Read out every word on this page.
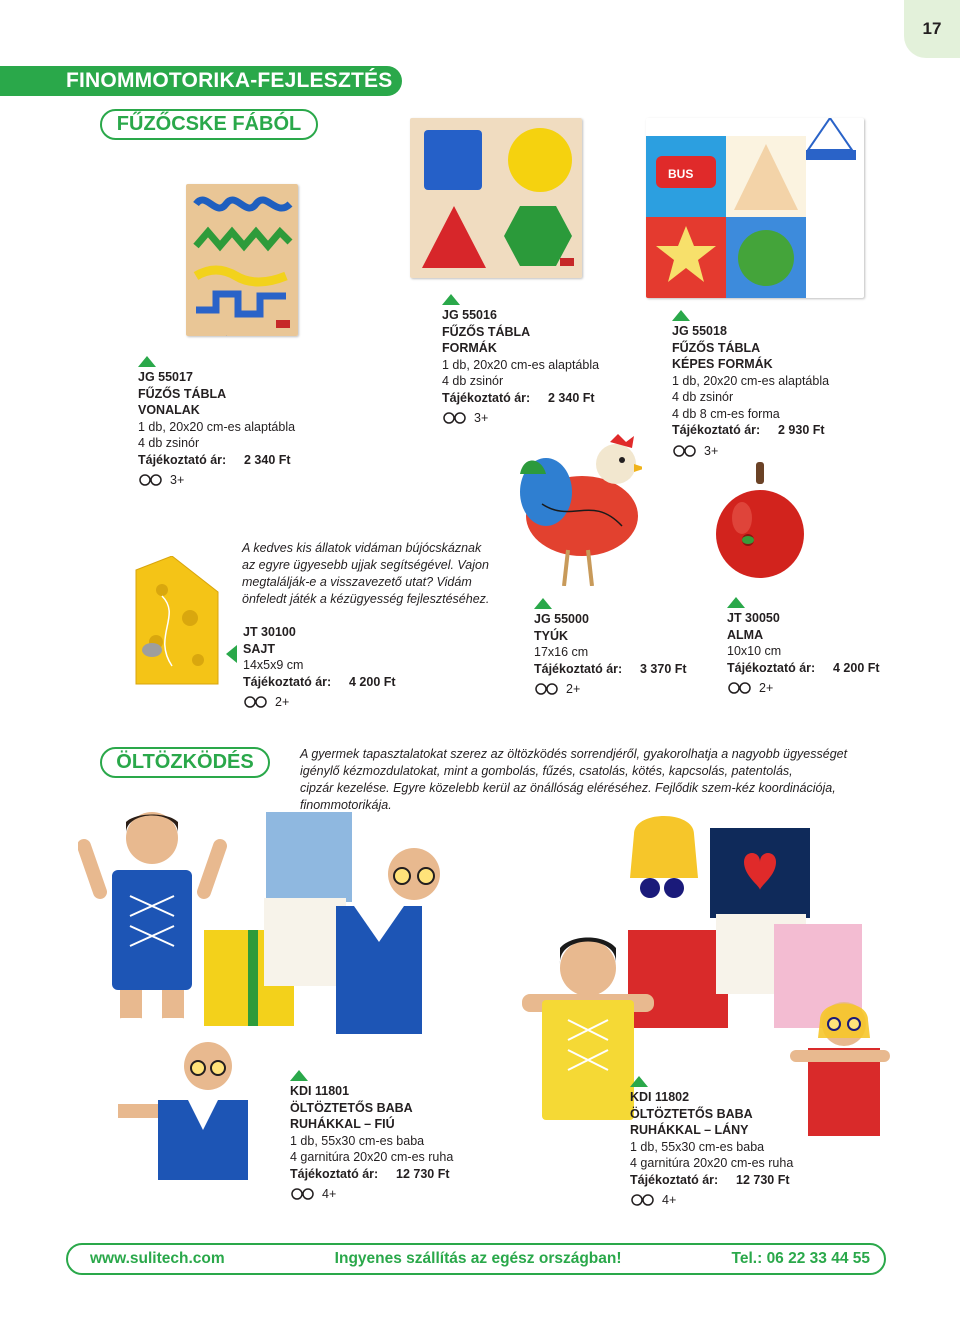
17
FINOMMOTORIKA-FEJLESZTÉS
FŰZŐCSKE FÁBÓL
BUS
JG 55017
FŰZŐS TÁBLA
VONALAK
1 db, 20x20 cm-es alaptábla
4 db zsinór
Tájékoztató ár:	2 340 Ft
3+
JG 55016
FŰZŐS TÁBLA
FORMÁK
1 db, 20x20 cm-es alaptábla
4 db zsinór
Tájékoztató ár:	2 340 Ft
3+
JG 55018
FŰZŐS TÁBLA
KÉPES FORMÁK
1 db, 20x20 cm-es alaptábla
4 db zsinór
4 db 8 cm-es forma
Tájékoztató ár:	2 930 Ft
3+
A kedves kis állatok vidáman bújócskáznak
az egyre ügyesebb ujjak segítségével. Vajon
megtalálják-e a visszavezető utat? Vidám
önfeledt játék a kézügyesség fejlesztéséhez.
JT 30100
SAJT
14x5x9 cm
Tájékoztató ár:	4 200 Ft
2+
JG 55000
TYÚK
17x16 cm
Tájékoztató ár:	3 370 Ft
2+
JT 30050
ALMA
10x10 cm
Tájékoztató ár:	4 200 Ft
2+
ÖLTÖZKÖDÉS	A gyermek tapasztalatokat szerez az öltözködés sorrendjéről, gyakorolhatja a nagyobb ügyességet
igénylő kézmozdulatokat, mint a gombolás, fűzés, csatolás, kötés, kapcsolás, patentolás,
cipzár kezelése. Egyre közelebb kerül az önállóság eléréséhez. Fejlődik szem-kéz koordinációja,
finommotorikája.
KDI 11801
ÖLTÖZTETŐS BABA
RUHÁKKAL – FIÚ
1 db, 55x30 cm-es baba
4 garnitúra 20x20 cm-es ruha
Tájékoztató ár:	12 730 Ft
4+
KDI 11802
ÖLTÖZTETŐS BABA
RUHÁKKAL – LÁNY
1 db, 55x30 cm-es baba
4 garnitúra 20x20 cm-es ruha
Tájékoztató ár:	12 730 Ft
4+
www.sulitech.com	Ingyenes szállítás az egész országban!	Tel.: 06 22 33 44 55
